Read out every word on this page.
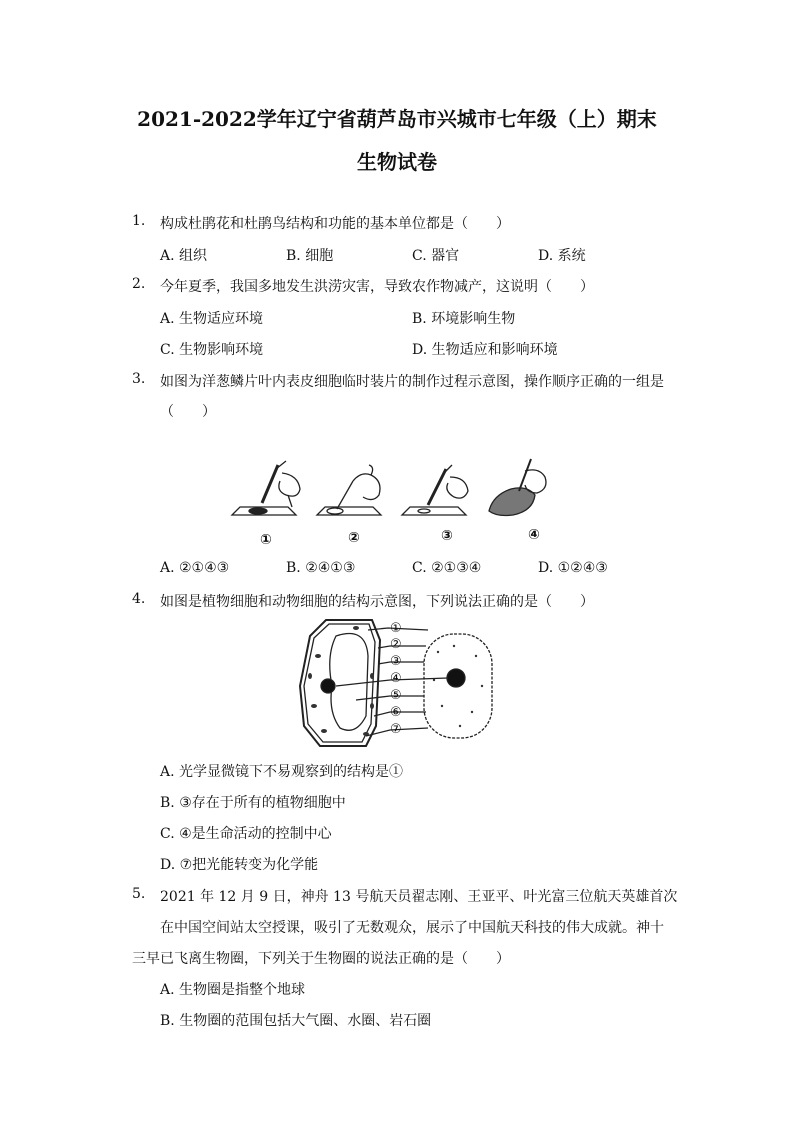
2021-2022学年辽宁省葫芦岛市兴城市七年级（上）期末
生物试卷
1. 构成杜鹃花和杜鹃鸟结构和功能的基本单位都是（　　）
A. 组织	B. 细胞	C. 器官	D. 系统
2. 今年夏季，我国多地发生洪涝灾害，导致农作物减产，这说明（　　）
A. 生物适应环境	B. 环境影响生物
C. 生物影响环境	D. 生物适应和影响环境
3. 如图为洋葱鳞片叶内表皮细胞临时装片的制作过程示意图，操作顺序正确的一组是
（　　）
①	②	③	④
A. ②①④③	B. ②④①③	C. ②①③④	D. ①②④③
4. 如图是植物细胞和动物细胞的结构示意图，下列说法正确的是（　　）
①
②
③
④
⑤
⑥
⑦
A. 光学显微镜下不易观察到的结构是①
B. ③存在于所有的植物细胞中
C. ④是生命活动的控制中心
D. ⑦把光能转变为化学能
5. 2021 年 12 月 9 日，神舟 13 号航天员翟志刚、王亚平、叶光富三位航天英雄首次
在中国空间站太空授课，吸引了无数观众，展示了中国航天科技的伟大成就。神十
三早已飞离生物圈，下列关于生物圈的说法正确的是（　　）
A. 生物圈是指整个地球
B. 生物圈的范围包括大气圈、水圈、岩石圈
